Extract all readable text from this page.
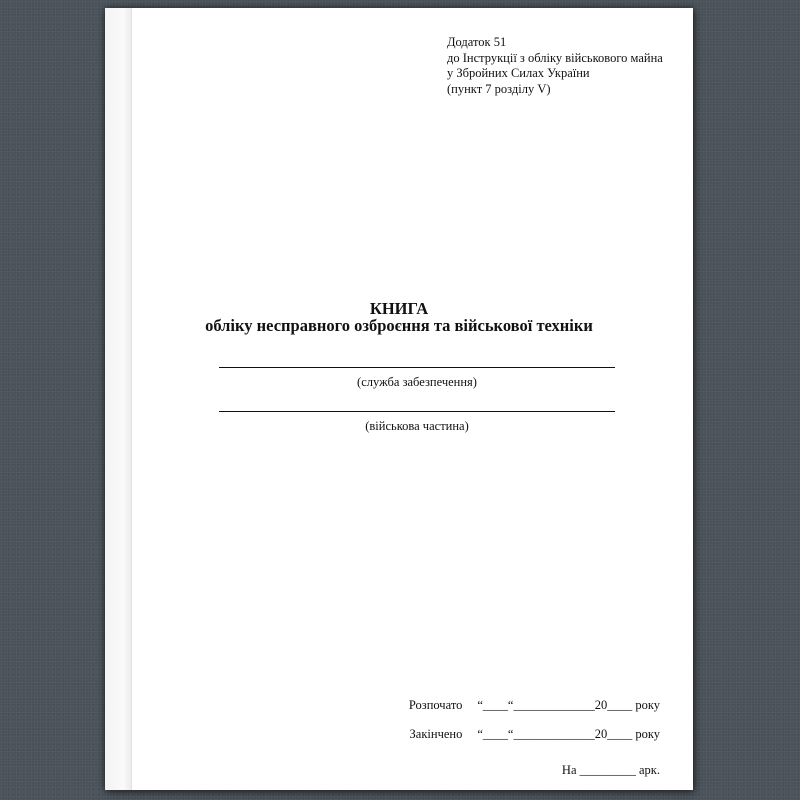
Додаток 51
до Інструкції з обліку військового майна
у Збройних Силах України
(пункт 7 розділу V)
КНИГА
обліку несправного озброєння та військової техніки
(служба забезпечення)
(військова частина)
Розпочато “____“_____________20____ року
Закінчено “____“_____________20____ року
На _________ арк.
